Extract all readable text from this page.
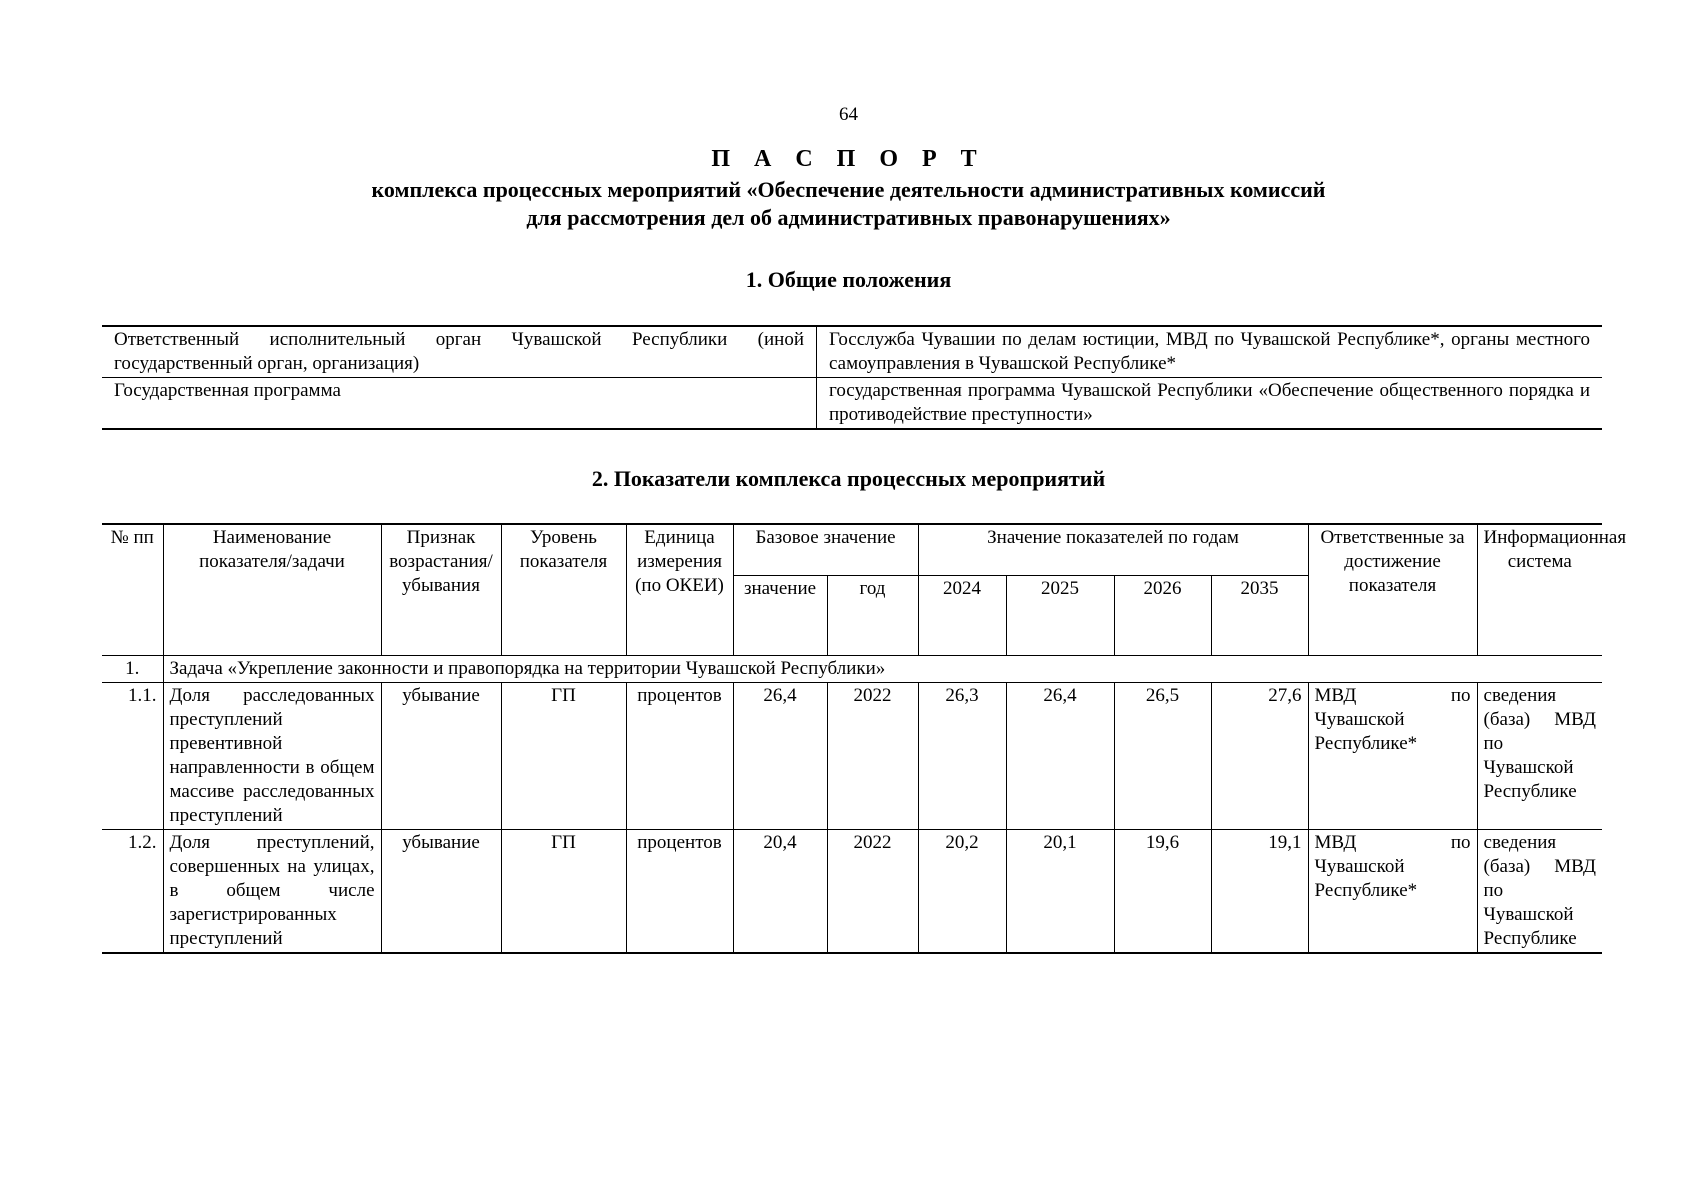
64
П А С П О Р Т
комплекса процессных мероприятий «Обеспечение деятельности административных комиссий
для рассмотрения дел об административных правонарушениях»
1. Общие положения
Ответственный исполнительный орган Чувашской Республики (иной государственный орган, организация)	Госслужба Чувашии по делам юстиции, МВД по Чувашской Республике*, органы местного самоуправления в Чувашской Республике*
Государственная программа	государственная программа Чувашской Республики «Обеспечение общественного порядка и противодействие преступности»
2. Показатели комплекса процессных мероприятий
№ пп	Наименование показателя/задачи	Признак возрастания/убывания	Уровень показателя	Единица измерения (по ОКЕИ)	Базовое значение		Значение показателей по годам				Ответственные за достижение показателя	Информационная система
					значение	год	2024	2025	2026	2035		
1.	Задача «Укрепление законности и правопорядка на территории Чувашской Республики»											
1.1.	Доля расследованных преступлений превентивной направленности в общем массиве расследованных преступлений	убывание	ГП	процентов	26,4	2022	26,3	26,4	26,5	27,6	МВД по Чувашской Республике*	сведения (база) МВД по Чувашской Республике
1.2.	Доля преступлений, совершенных на улицах, в общем числе зарегистрированных преступлений	убывание	ГП	процентов	20,4	2022	20,2	20,1	19,6	19,1	МВД по Чувашской Республике*	сведения (база) МВД по Чувашской Республике
